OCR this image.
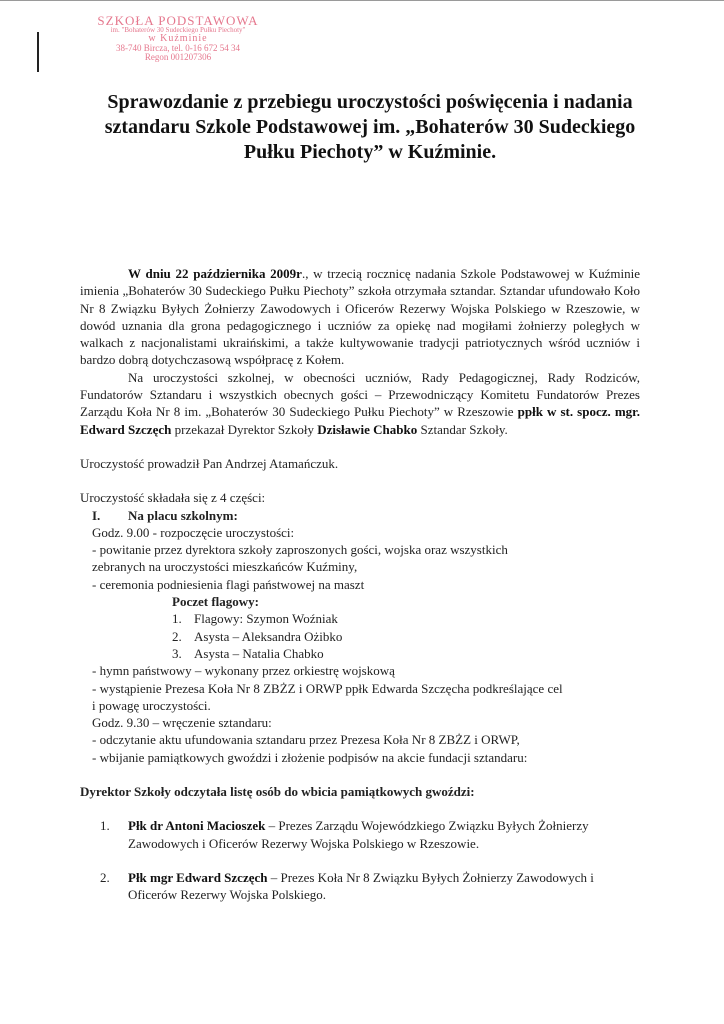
SZKOŁA PODSTAWOWA
im. "Bohaterów 30 Sudeckiego Pułku Piechoty"
w Kuźminie
38-740 Bircza, tel. 0-16 672 54 34
Regon 001207306
Sprawozdanie z przebiegu uroczystości poświęcenia i nadania sztandaru Szkole Podstawowej im. „Bohaterów 30 Sudeckiego Pułku Piechoty” w Kuźminie.

W dniu 22 października 2009r., w trzecią rocznicę nadania Szkole Podstawowej w Kuźminie imienia „Bohaterów 30 Sudeckiego Pułku Piechoty” szkoła otrzymała sztandar. Sztandar ufundowało Koło Nr 8 Związku Byłych Żołnierzy Zawodowych i Oficerów Rezerwy Wojska Polskiego w Rzeszowie, w dowód uznania dla grona pedagogicznego i uczniów za opiekę nad mogiłami żołnierzy poległych w walkach z nacjonalistami ukraińskimi, a także kultywowanie tradycji patriotycznych wśród uczniów i bardzo dobrą dotychczasową współpracę z Kołem.

Na uroczystości szkolnej, w obecności uczniów, Rady Pedagogicznej, Rady Rodziców, Fundatorów Sztandaru i wszystkich obecnych gości – Przewodniczący Komitetu Fundatorów Prezes Zarządu Koła Nr 8 im. „Bohaterów 30 Sudeckiego Pułku Piechoty” w Rzeszowie ppłk w st. spocz. mgr. Edward Szczęch przekazał Dyrektor Szkoły Dzisławie Chabko Sztandar Szkoły.

Uroczystość prowadził Pan Andrzej Atamańczuk.

Uroczystość składała się z 4 części:

I. Na placu szkolnym:

Godz. 9.00 - rozpoczęcie uroczystości:

- powitanie przez dyrektora szkoły zaproszonych gości, wojska oraz wszystkich

zebranych na uroczystości mieszkańców Kuźminy,

- ceremonia podniesienia flagi państwowej na maszt

Poczet flagowy:

1. Flagowy: Szymon Woźniak

2. Asysta – Aleksandra Ożibko

3. Asysta – Natalia Chabko

- hymn państwowy – wykonany przez orkiestrę wojskową

- wystąpienie Prezesa Koła Nr 8 ZBŻZ i ORWP ppłk Edwarda Szczęcha podkreślające cel

i powagę uroczystości.

Godz. 9.30 – wręczenie sztandaru:

- odczytanie aktu ufundowania sztandaru przez Prezesa Koła Nr 8 ZBŻZ i ORWP,

- wbijanie pamiątkowych gwoździ i złożenie podpisów na akcie fundacji sztandaru:

Dyrektor Szkoły odczytała listę osób do wbicia pamiątkowych gwoździ:

1.	Płk dr Antoni Macioszek – Prezes Zarządu Wojewódzkiego Związku Byłych Żołnierzy Zawodowych i Oficerów Rezerwy Wojska Polskiego w Rzeszowie.
2.	Płk mgr Edward Szczęch – Prezes Koła Nr 8 Związku Byłych Żołnierzy Zawodowych i Oficerów Rezerwy Wojska Polskiego.
